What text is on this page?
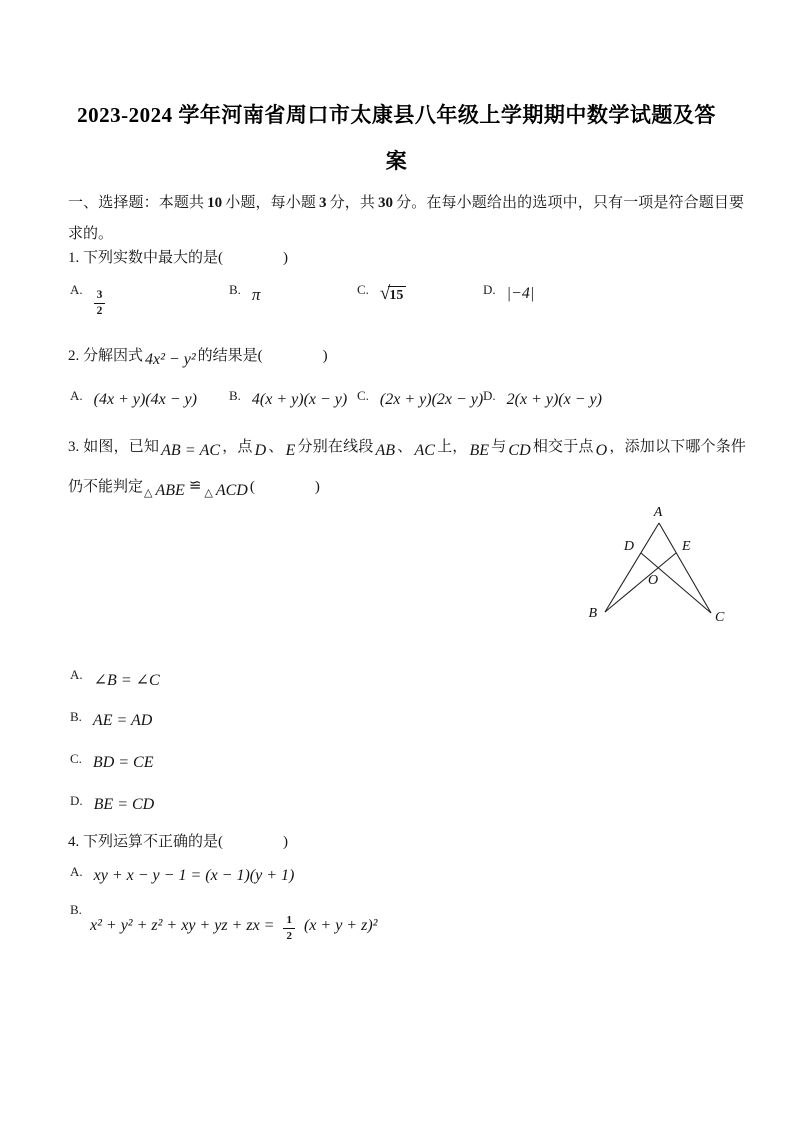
2023-2024 学年河南省周口市太康县八年级上学期期中数学试题及答
案

一、选择题：本题共 10 小题，每小题 3 分，共 30 分。在每小题给出的选项中，只有一项是符合题目要求的。

1. 下列实数中最大的是(　　　　)

A. $\frac{3}{2}$	B. π	C. √ 15	D. |−4|

2. 分解因式 4x² − y² 的结果是(　　　　)

A. (4x + y)(4x − y) B. 4(x + y)(x − y) C. (2x + y)(2x − y) D. 2(x + y)(x − y)

3. 如图，已知 AB = AC ，点 D 、 E 分别在线段 AB 、 AC 上， BE 与 CD 相交于点 O ，添加以下哪个条件仍不能判定$_\triangle$ ABE ≌ $_\triangle$ ACD (　　　　)

A
D	E
O
B	C
A. ∠B = ∠C
B. AE = AD
C. BD = CE
D. BE = CD

4. 下列运算不正确的是(　　　　)

A. xy + x − y − 1 = (x − 1)(y + 1)
B.
x² + y² + z² + xy + yz + zx = $\frac{1}{2} (x + y + z)^2$
